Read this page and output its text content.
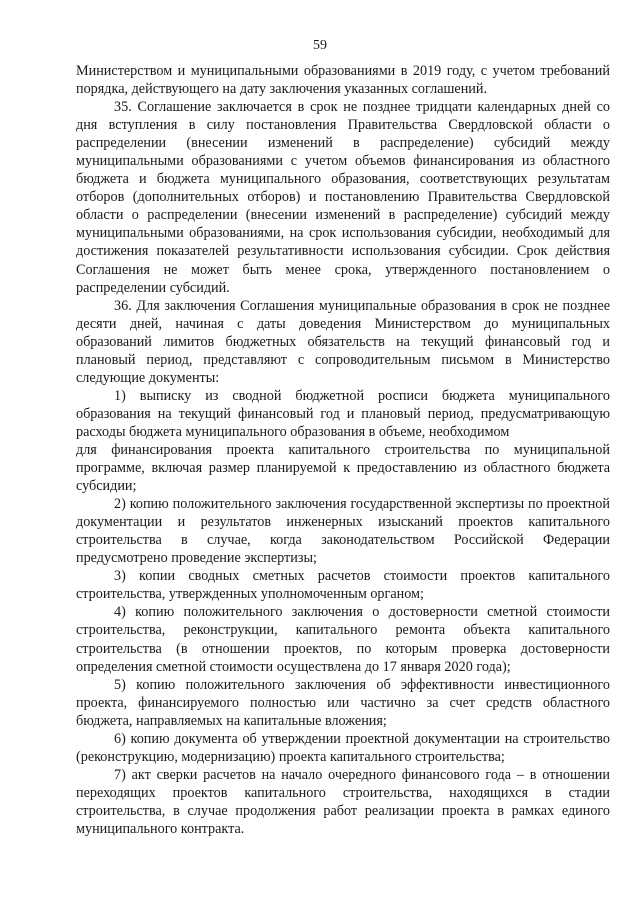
59

Министерством и муниципальными образованиями в 2019 году, с учетом требований порядка, действующего на дату заключения указанных соглашений.

35. Соглашение заключается в срок не позднее тридцати календарных дней со дня вступления в силу постановления Правительства Свердловской области о распределении (внесении изменений в распределение) субсидий между муниципальными образованиями с учетом объемов финансирования из областного бюджета и бюджета муниципального образования, соответствующих результатам отборов (дополнительных отборов) и постановлению Правительства Свердловской области о распределении (внесении изменений в распределение) субсидий между муниципальными образованиями, на срок использования субсидии, необходимый для достижения показателей результативности использования субсидии. Срок действия Соглашения не может быть менее срока, утвержденного постановлением о распределении субсидий.

36. Для заключения Соглашения муниципальные образования в срок не позднее десяти дней, начиная с даты доведения Министерством до муниципальных образований лимитов бюджетных обязательств на текущий финансовый год и плановый период, представляют с сопроводительным письмом в Министерство следующие документы:

1) выписку из сводной бюджетной росписи бюджета муниципального образования на текущий финансовый год и плановый период, предусматривающую расходы бюджета муниципального образования в объеме, необходимом

для финансирования проекта капитального строительства по муниципальной программе, включая размер планируемой к предоставлению из областного бюджета субсидии;

2) копию положительного заключения государственной экспертизы по проектной документации и результатов инженерных изысканий проектов капитального строительства в случае, когда законодательством Российской Федерации предусмотрено проведение экспертизы;

3) копии сводных сметных расчетов стоимости проектов капитального строительства, утвержденных уполномоченным органом;

4) копию положительного заключения о достоверности сметной стоимости строительства, реконструкции, капитального ремонта объекта капитального строительства (в отношении проектов, по которым проверка достоверности определения сметной стоимости осуществлена до 17 января 2020 года);

5) копию положительного заключения об эффективности инвестиционного проекта, финансируемого полностью или частично за счет средств областного бюджета, направляемых на капитальные вложения;

6) копию документа об утверждении проектной документации на строительство (реконструкцию, модернизацию) проекта капитального строительства;

7) акт сверки расчетов на начало очередного финансового года – в отношении переходящих проектов капитального строительства, находящихся в стадии строительства, в случае продолжения работ реализации проекта в рамках единого муниципального контракта.
